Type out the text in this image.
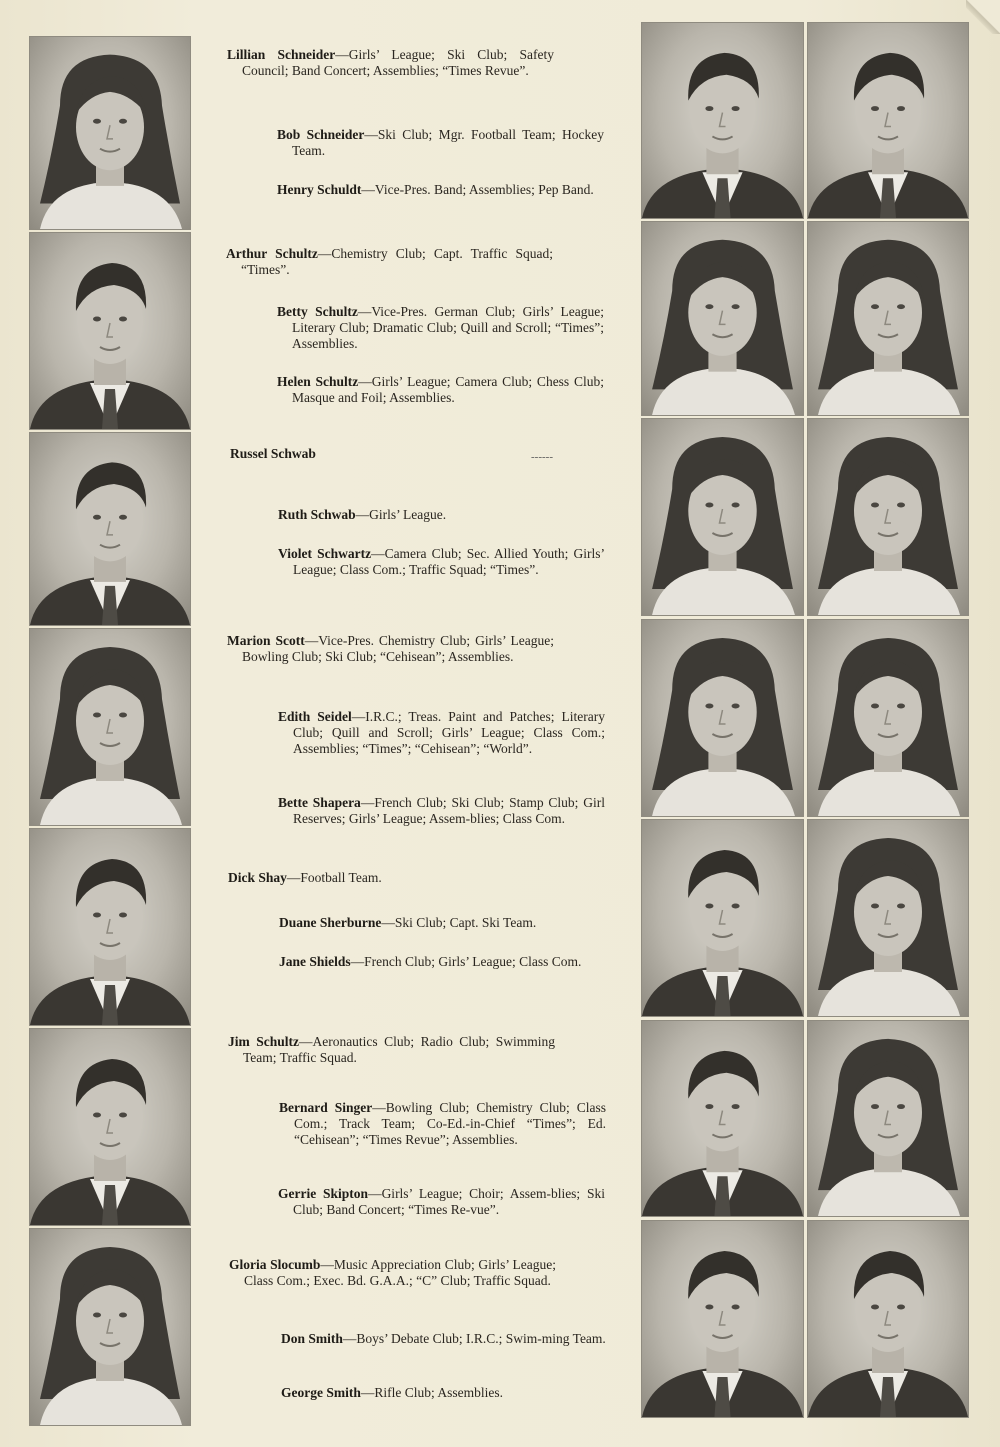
Lillian Schneider—Girls’ League; Ski Club; Safety Council; Band Concert; Assemblies; “Times Revue”.
Bob Schneider—Ski Club; Mgr. Football Team; Hockey Team.
Henry Schuldt—Vice-Pres. Band; Assemblies; Pep Band.
Arthur Schultz—Chemistry Club; Capt. Traffic Squad; “Times”.
Betty Schultz—Vice-Pres. German Club; Girls’ League; Literary Club; Dramatic Club; Quill and Scroll; “Times”; Assemblies.
Helen Schultz—Girls’ League; Camera Club; Chess Club; Masque and Foil; Assemblies.
Russel Schwab	------
Ruth Schwab—Girls’ League.
Violet Schwartz—Camera Club; Sec. Allied Youth; Girls’ League; Class Com.; Traffic Squad; “Times”.
Marion Scott—Vice-Pres. Chemistry Club; Girls’ League; Bowling Club; Ski Club; “Cehisean”; Assemblies.
Edith Seidel—I.R.C.; Treas. Paint and Patches; Literary Club; Quill and Scroll; Girls’ League; Class Com.; Assemblies; “Times”; “Cehisean”; “World”.
Bette Shapera—French Club; Ski Club; Stamp Club; Girl Reserves; Girls’ League; Assem-blies; Class Com.
Dick Shay—Football Team.
Duane Sherburne—Ski Club; Capt. Ski Team.
Jane Shields—French Club; Girls’ League; Class Com.
Jim Schultz—Aeronautics Club; Radio Club; Swimming Team; Traffic Squad.
Bernard Singer—Bowling Club; Chemistry Club; Class Com.; Track Team; Co-Ed.-in-Chief “Times”; Ed. “Cehisean”; “Times Revue”; Assemblies.
Gerrie Skipton—Girls’ League; Choir; Assem-blies; Ski Club; Band Concert; “Times Re-vue”.
Gloria Slocumb—Music Appreciation Club; Girls’ League; Class Com.; Exec. Bd. G.A.A.; “C” Club; Traffic Squad.
Don Smith—Boys’ Debate Club; I.R.C.; Swim-ming Team.
George Smith—Rifle Club; Assemblies.
